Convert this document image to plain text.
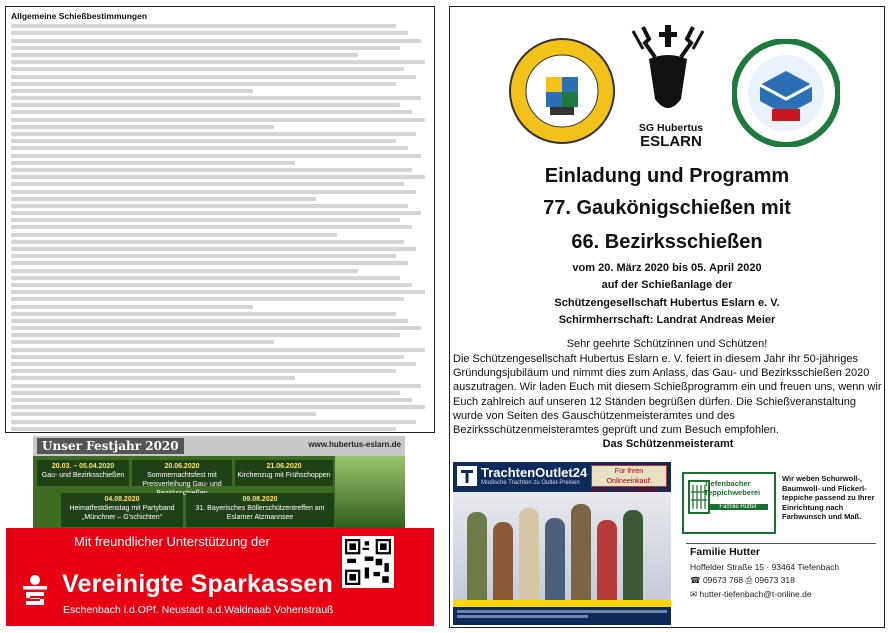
Allgemeine Schießbestimmungen
Unser Festjahr 2020	www.hubertus-eslarn.de
20.03. – 05.04.2020
Gau- und Bezirksschießen
20.06.2020
Sommernachtsfest mit Preisverleihung Gau- und
21.06.2020
Kirchenzug mit Frühschoppen
04.08.2020
Heimatfestdienstag mit Partyband „Münchner – G'schichten“
09.08.2020
31. Bayerisches Böllerschützentreffen am Eslarner Atzmannsee
Mit freundlicher Unterstützung der
Vereinigte Sparkassen
Eschenbach i.d.OPf. Neustadt a.d.Waldnaab Vohenstrauß
SG Hubertus
ESLARN
Einladung und Programm
77. Gaukönigschießen mit
66. Bezirksschießen
vom 20. März 2020 bis 05. April 2020
auf der Schießanlage der
Schützengesellschaft Hubertus Eslarn e. V.
Schirmherrschaft: Landrat Andreas Meier
Sehr geehrte Schützinnen und Schützen!
Die Schützengesellschaft Hubertus Eslarn e. V. feiert in diesem Jahr ihr 50-jähriges Gründungsjubiläum und nimmt dies zum Anlass, das Gau- und Bezirksschießen 2020 auszutragen. Wir laden Euch mit diesem Schießprogramm ein und freuen uns, wenn wir Euch zahlreich auf unseren 12 Ständen begrüßen dürfen. Die Schießveranstaltung wurde von Seiten des Gauschützenmeisteramtes und des Bezirksschützenmeisteramtes geprüft und zum Besuch empfohlen.
Das Schützenmeisteramt
TrachtenOutlet24
Modische Trachten zu Outlet-Preisen
Für Ihren Onlineeinkauf:	Tiefenbacher Teppichweberei
Familie Hutter
Wir weben Schurwoll-, Baumwoll- und Flickerl-teppiche passend zu Ihrer Einrichtung nach Farbwunsch und Maß.
Familie Hutter
Hoffelder Straße 15 · 93464 Tiefenbach
☎ 09673 768 ⎙ 09673 318
✉ hutter-tiefenbach@t-online.de
